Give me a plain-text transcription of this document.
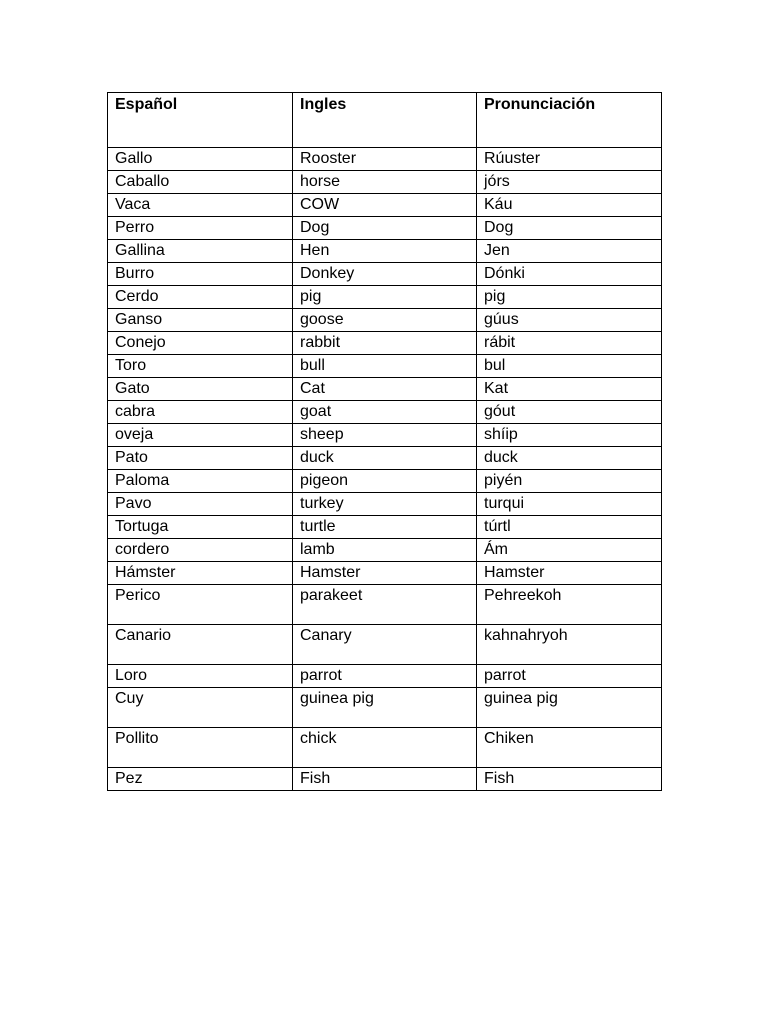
Español	Ingles	Pronunciación
Gallo	Rooster	Rúuster
Caballo	horse	jórs
Vaca	COW	Káu
Perro	Dog	Dog
Gallina	Hen	Jen
Burro	Donkey	Dónki
Cerdo	pig	pig
Ganso	goose	gúus
Conejo	rabbit	rábit
Toro	bull	bul
Gato	Cat	Kat
cabra	goat	góut
oveja	sheep	shíip
Pato	duck	duck
Paloma	pigeon	piyén
Pavo	turkey	turqui
Tortuga	turtle	túrtl
cordero	lamb	Ám
Hámster	Hamster	Hamster
Perico	parakeet	Pehreekoh
Canario	Canary	kahnahryoh
Loro	parrot	parrot
Cuy	guinea pig	guinea pig
Pollito	chick	Chiken
Pez	Fish	Fish
